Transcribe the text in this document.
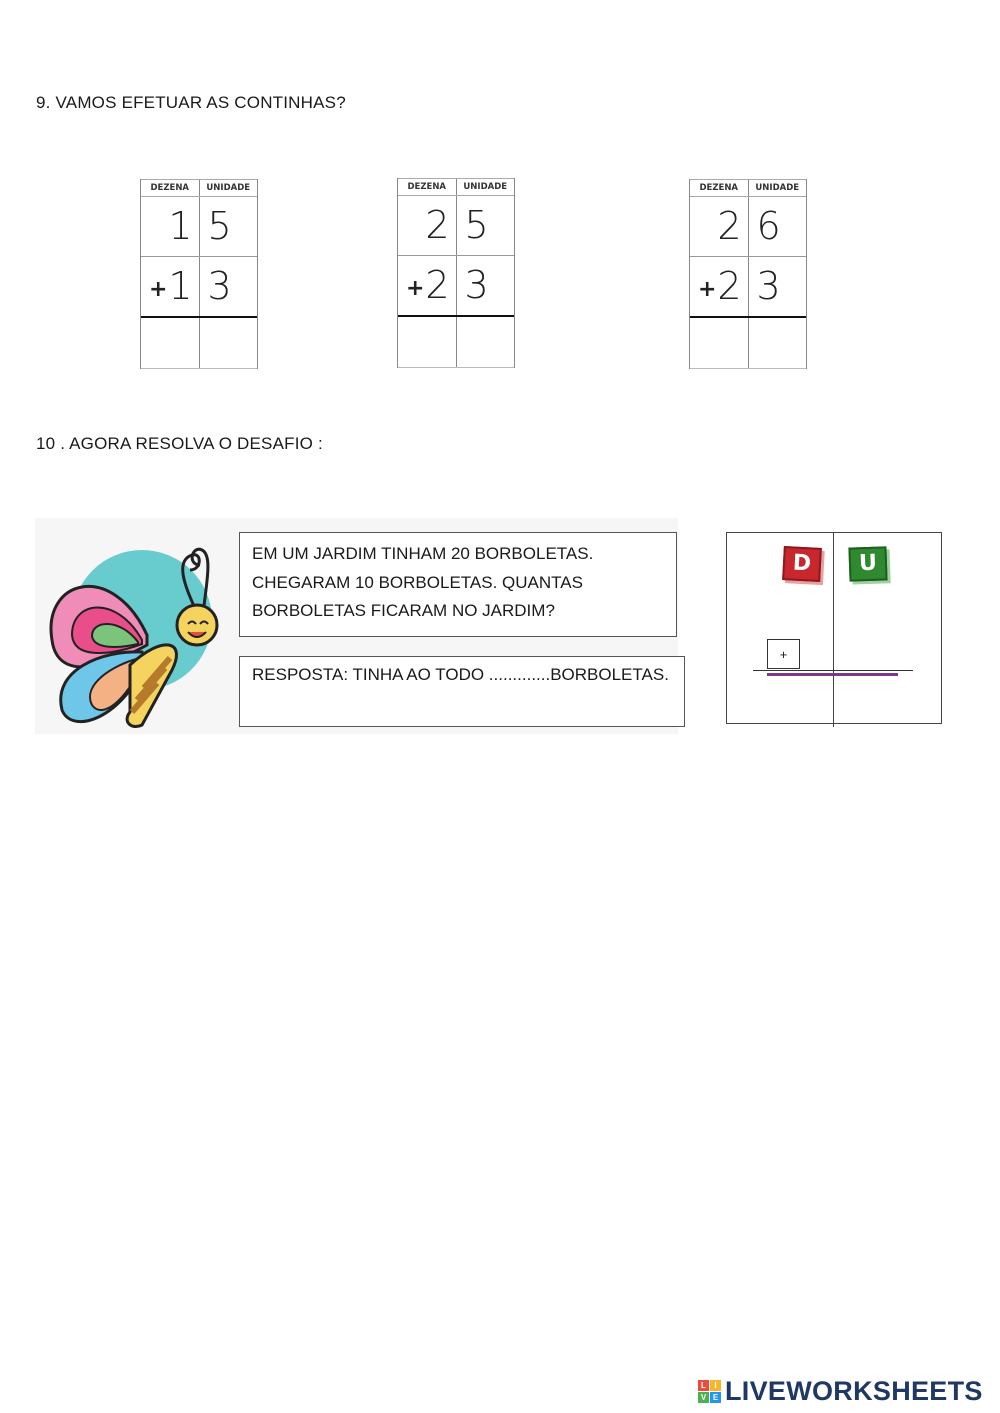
9. VAMOS EFETUAR AS CONTINHAS?
DEZENA	UNIDADE
1 5
+ 1 3
DEZENA	UNIDADE
2 5
+ 2 3
DEZENA	UNIDADE
2 6
+ 2 3
10 . AGORA RESOLVA O DESAFIO :
EM UM JARDIM TINHAM 20 BORBOLETAS.
CHEGARAM 10 BORBOLETAS. QUANTAS
BORBOLETAS FICARAM NO JARDIM?
RESPOSTA: TINHA AO TODO .............BORBOLETAS.
D	U
+
L	I
V E LIVEWORKSHEETS
